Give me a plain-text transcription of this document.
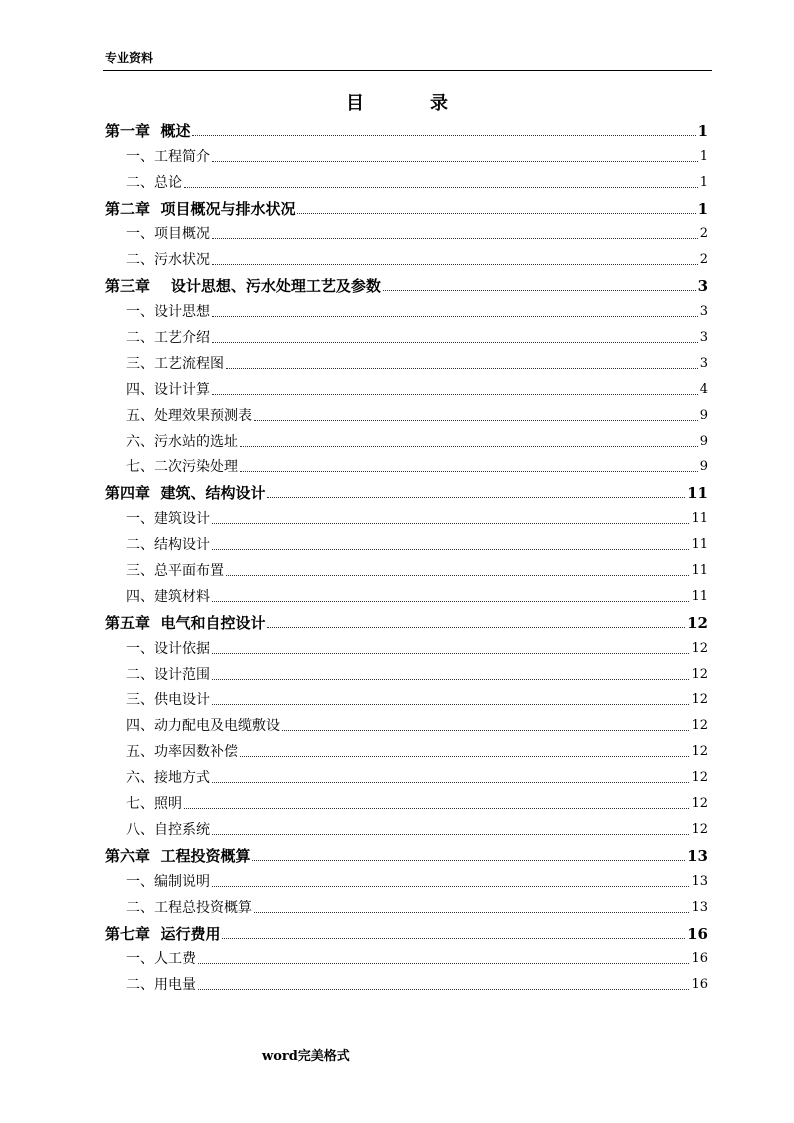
专业资料
目录
第一章  概述	1
一、工程简介	1
二、总论	1
第二章  项目概况与排水状况	1
一、项目概况	2
二、污水状况	2
第三章    设计思想、污水处理工艺及参数	3
一、设计思想	3
二、工艺介绍	3
三、工艺流程图	3
四、设计计算	4
五、处理效果预测表	9
六、污水站的选址	9
七、二次污染处理	9
第四章  建筑、结构设计	11
一、建筑设计	11
二、结构设计	11
三、总平面布置	11
四、建筑材料	11
第五章  电气和自控设计	12
一、设计依据	12
二、设计范围	12
三、供电设计	12
四、动力配电及电缆敷设	12
五、功率因数补偿	12
六、接地方式	12
七、照明	12
八、自控系统	12
第六章  工程投资概算	13
一、编制说明	13
二、工程总投资概算	13
第七章  运行费用	16
一、人工费	16
二、用电量	16
word完美格式
